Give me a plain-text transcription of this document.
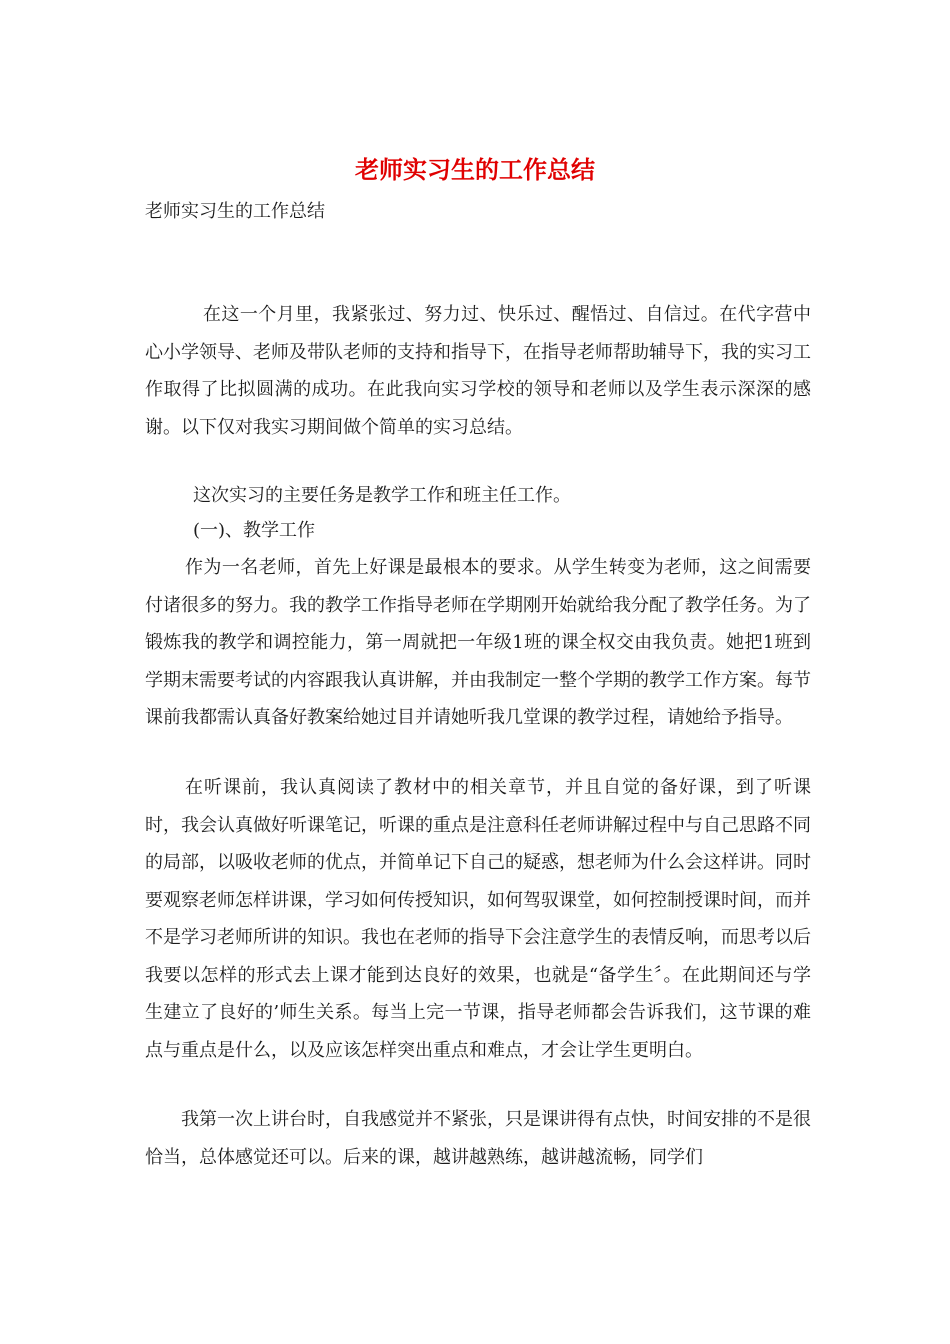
老师实习生的工作总结

老师实习生的工作总结

在这一个月里，我紧张过、努力过、快乐过、醒悟过、自信过。在代字营中心小学领导、老师及带队老师的支持和指导下，在指导老师帮助辅导下，我的实习工作取得了比拟圆满的成功。在此我向实习学校的领导和老师以及学生表示深深的感谢。以下仅对我实习期间做个简单的实习总结。

这次实习的主要任务是教学工作和班主任工作。

(一)、教学工作

作为一名老师，首先上好课是最根本的要求。从学生转变为老师，这之间需要付诸很多的努力。我的教学工作指导老师在学期刚开始就给我分配了教学任务。为了锻炼我的教学和调控能力，第一周就把一年级1班的课全权交由我负责。她把1班到学期末需要考试的内容跟我认真讲解，并由我制定一整个学期的教学工作方案。每节课前我都需认真备好教案给她过目并请她听我几堂课的教学过程，请她给予指导。

在听课前，我认真阅读了教材中的相关章节，并且自觉的备好课，到了听课时，我会认真做好听课笔记，听课的重点是注意科任老师讲解过程中与自己思路不同的局部，以吸收老师的优点，并简单记下自己的疑惑，想老师为什么会这样讲。同时要观察老师怎样讲课，学习如何传授知识，如何驾驭课堂，如何控制授课时间，而并不是学习老师所讲的知识。我也在老师的指导下会注意学生的表情反响，而思考以后我要以怎样的形式去上课才能到达良好的效果，也就是“备学生〞。在此期间还与学生建立了良好的’师生关系。每当上完一节课，指导老师都会告诉我们，这节课的难点与重点是什么，以及应该怎样突出重点和难点，才会让学生更明白。

我第一次上讲台时，自我感觉并不紧张，只是课讲得有点快，时间安排的不是很恰当，总体感觉还可以。后来的课，越讲越熟练，越讲越流畅，同学们
